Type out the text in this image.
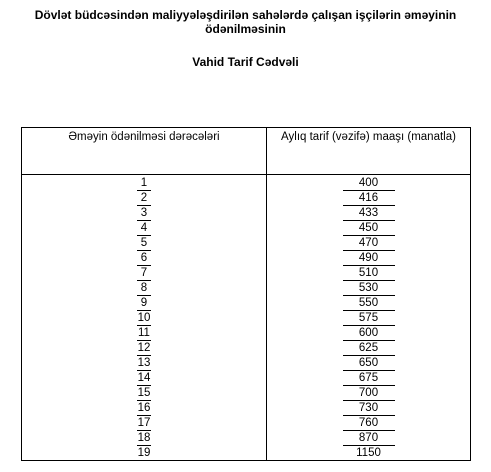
Dövlət büdcəsindən maliyyələşdirilən sahələrdə çalışan işçilərin əməyinin ödənilməsinin
Vahid Tarif Cədvəli
Əməyin ödənilməsi dərəcələri	Aylıq tarif (vəzifə) maaşı (manatla)
1	400
2	416
3	433
4	450
5	470
6	490
7	510
8	530
9	550
10	575
11	600
12	625
13	650
14	675
15	700
16	730
17	760
18	870
19	1150
